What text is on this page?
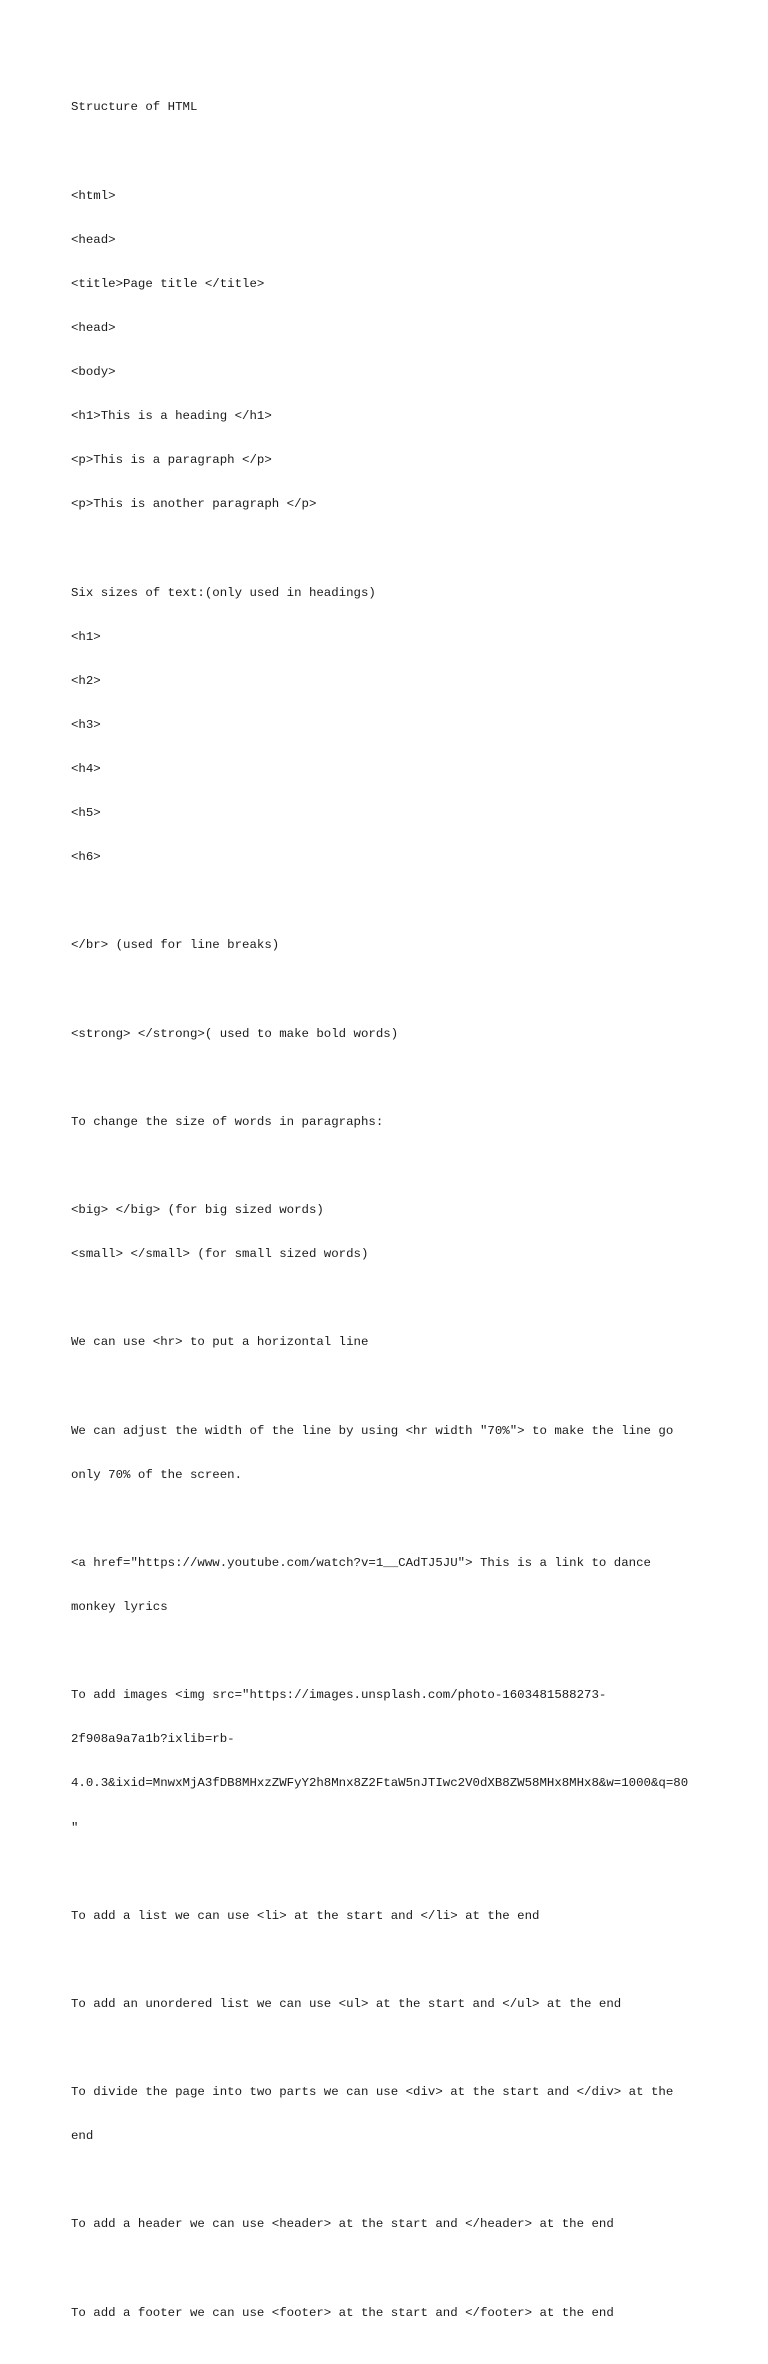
Structure of HTML

<html>

<head>

<title>Page title </title>

<head>

<body>

<h1>This is a heading </h1>

<p>This is a paragraph </p>

<p>This is another paragraph </p>

Six sizes of text:(only used in headings)

<h1>

<h2>

<h3>

<h4>

<h5>

<h6>

</br> (used for line breaks)

<strong> </strong>( used to make bold words)

To change the size of words in paragraphs:

<big> </big> (for big sized words)

<small> </small> (for small sized words)

We can use <hr> to put a horizontal line

We can adjust the width of the line by using <hr width "70%"> to make the line go

only 70% of the screen.

<a href="https://www.youtube.com/watch?v=1__CAdTJ5JU"> This is a link to dance

monkey lyrics

To add images <img src="https://images.unsplash.com/photo-1603481588273-

2f908a9a7a1b?ixlib=rb-

4.0.3&ixid=MnwxMjA3fDB8MHxzZWFyY2h8Mnx8Z2FtaW5nJTIwc2V0dXB8ZW58MHx8MHx8&w=1000&q=80

"

To add a list we can use <li> at the start and </li> at the end

To add an unordered list we can use <ul> at the start and </ul> at the end

To divide the page into two parts we can use <div> at the start and </div> at the

end

To add a header we can use <header> at the start and </header> at the end

To add a footer we can use <footer> at the start and </footer> at the end
